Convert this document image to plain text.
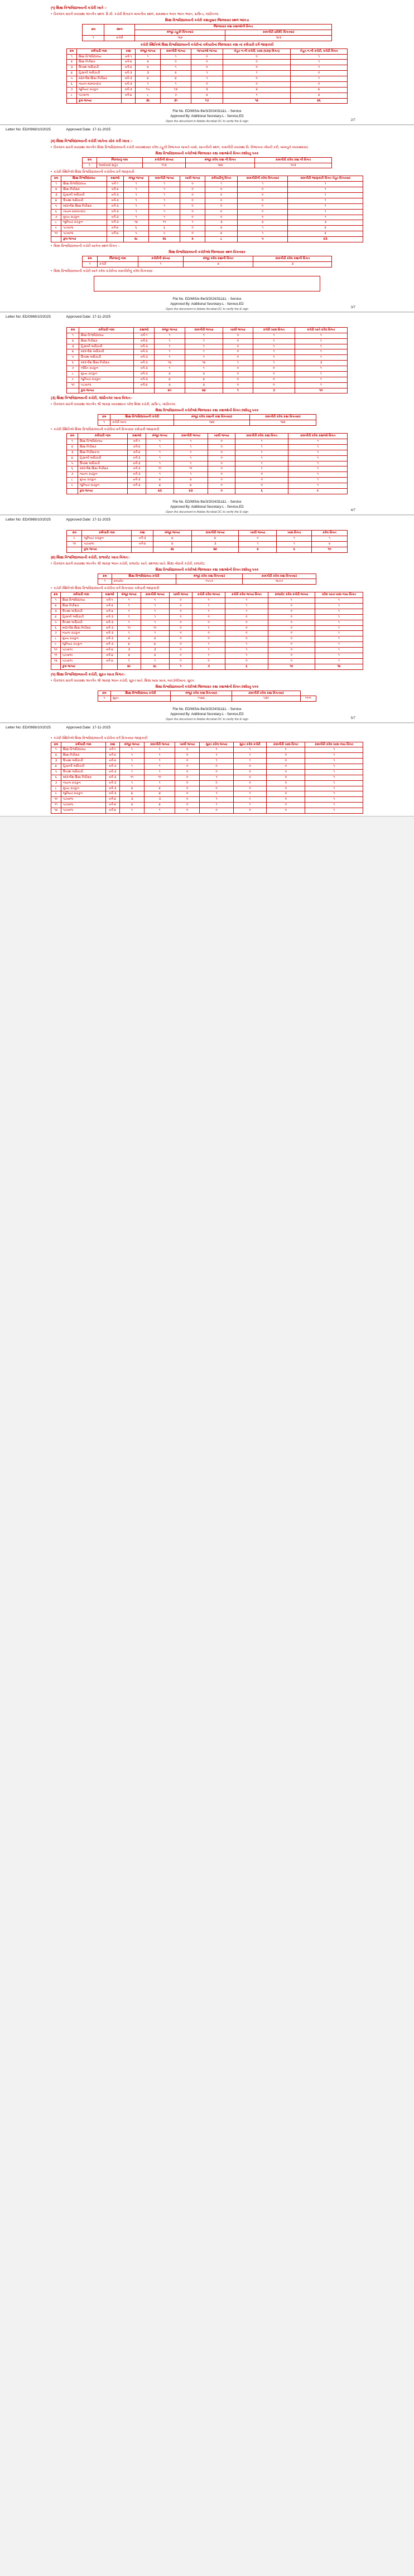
(૧) શિક્ષા વિશ્વવિદ્યાલયની કચેરી ખાતે :-
• વિકલાંગ સંવર્ગ વ્યવસ્થા અંતર્ગત સ્થળ: દિ.વી. કચેરી દિવ્યાંગ બાબતીય સ્થળ, સમસ્થાન ભક્ત ભવન ભવન, ગ્રાઉન્ડ, ગાંધીનગર.
શિક્ષા વિશ્વવિદ્યાલયની કચેરી કક્ષાનુસાર જિલ્લાવાર સ્થળ આંકડા
ક્રમ	સ્થળ	જિલ્લાવાર કક્ષા કક્ષાઓની વિગત	
		મંજૂર ટહુકી વિગતવાર	કામગીરી પ્રવિષ્ટિ વિગતવાર
૧	કચેરી	૧૬૨	૧૪૩
કચેરી સ્થિતિએ શિક્ષા વિશ્વવિદ્યાલયની કચેરીનાં કર્મચારીનાં જિલ્લાવાર કક્ષા નાં કર્મચારી વર્ગે જાણકારી
ક્રમ	કર્મચારી નામ	કક્ષા	મંજૂર જગ્યા	કામગીરી જગ્યા	જગ્યાઓ જગ્યા	ખેડૂત ન.ની કચેરી, ખાસ (ઘરણ વિગત)	ખેડૂત ન.ની કચેરી, કચેરી વિગત
૧	શિક્ષા વિશ્વવિદ્યાલય	વર્ગ-૧	૧	૧	૦	૦	૧
૨	શિક્ષા નિરીક્ષક	વર્ગ-૨	૨	૦	૦	૦	૧
૩	ઉપસ્થ અધિકારી	વર્ગ-૨	૨	૧	૦	૦	૧
૪	હિસાબી અધિકારી	વર્ગ-૩	૩	૨	૧	૧	૦
૫	મદદનીશ શિક્ષા નિરીક્ષક	વર્ગ-૩	૪	૪	૧	૦	૧
૬	નાયબ મામલતદાર	વર્ગ-૩	૧	૧	૦	૦	૦
૭	જુનિયર કારકુન	વર્ગ-૩	૧૫	૧૩	૩	૨	૪
૮	પટાવાળા	વર્ગ-૪	૮	૭	૨	૧	૨
	કુલ જગ્યા		૩૬	૩૧	૧૭	૧૨	૪૬
File No. ED/MIS/e-file/3/2024/311&1. - Service
Approved By: Additional Secretary-L - Service,ED
Open the document in Adobe Acrobat DC to verify the E-sign	2/7
Letter No: ED/0969/10/2025	Approved Date: 17-11-2025
(૨) શિક્ષા વિશ્વવિદ્યાલયની કચેરી ખાતેના ચોક કરી ખાતા :-
• વિકલાંગ સંવર્ગ વ્યવસ્થા અંતર્ગત શિક્ષા વિશ્વવિદ્યાલયની કચેરી વ્યવસ્થાવાર કરેલ ટહુકી વિભાગના બાબતે નામો, ખાનગીની સ્થળ, કામગીરી વ્યવસ્થા વિ. વિભાગના નોંધની કરી, બાબતુને વ્યવસ્થાવાર.
શિક્ષા વિશ્વવિદ્યાલયની કચેરીઓ જિલ્લાવાર કક્ષા કક્ષાઓની વિગત દર્શાવતુ પત્રક
ક્રમ	જિલ્લાનું નામ	કચેરીની સંખ્યા	મંજૂર કરેલ કક્ષા ની વિગત	કામગીરી કરેલ કક્ષા ની વિગત
૧	અમદાવાદ શહેર	૧૧૩	૧૨૨	૧૦૩
• કચેરી સ્થિતિએ શિક્ષા વિશ્વવિદ્યાલયની કચેરીનાં વર્ગ જાણકારી
ક્રમ	શિક્ષા વિશ્વવિદ્યાલય	કક્ષાઓ	મંજૂર જગ્યા	કામગીરી જગ્યા	ખાલી જગ્યા	કર્મચારીનું વિગત	કામગીરીની કરેલ વિગતવાર	કામગીરી જાણકારી વિગત ખેડૂત વિગતવાર
૧	શિક્ષા વિશ્વવિદ્યાલય	વર્ગ-૧	૧	૧	૦	૧	૧	૧
૨	શિક્ષા નિરીક્ષક	વર્ગ-૨	૧	૧	૦	૦	૦	૧
૩	હિસાબી અધિકારી	વર્ગ-૩	૧	૧	૦	૦	૦	૧
૪	ઉપસ્થ અધિકારી	વર્ગ-૩	૧	૧	૦	૦	૦	૧
૫	મદદનીશ શિક્ષા નિરીક્ષક	વર્ગ-૩	૧	૧	૦	૦	૦	૧
૬	નાયબ મામલતદાર	વર્ગ-૩	૧	૧	૦	૦	૦	૧
૭	મુખ્ય કારકુન	વર્ગ-૩	૧	૧	૦	૦	૦	૧
૮	જુનિયર કારકુન	વર્ગ-૩	૧૨	૧૧	૧	૩	૨	૩
૯	પટાવાળા	વર્ગ-૪	૬	૬	૦	૨	૧	૨
૧૦	પટાવાળા	વર્ગ-૪	૫	૫	૦	૨	૧	૨
	કુલ જગ્યા		૨૮	૨૬	૨	૮	૫	૪૩
• શિક્ષા વિશ્વવિદ્યાલયની કચેરી ખાતેના સ્થળ વિગત :-
શિક્ષા વિશ્વવિદ્યાલયની કચેરીઓ જિલ્લાવાર સ્થળ વિગતવાર
ક્રમ	જિલ્લાનું નામ	કચેરીની સંખ્યા	મંજૂર કરેલ કક્ષાની વિગત	કામગીરી કરેલ કક્ષાની વિગત
૧	કચેરી	૧	૨	૩
• શિક્ષા વિશ્વવિદ્યાલયની કચેરી ખાતે કરેલ કચેરીના કામગીરીનું કરેલ વિગતવાર
File No. ED/MIS/e-file/3/2024/311&1. - Service
Approved By: Additional Secretary-L - Service,ED
Open the document in Adobe Acrobat DC to verify the E-sign	3/7
Letter No: ED/0969/10/2025	Approved Date: 17-11-2025
ક્રમ	કર્મચારી નામ	કક્ષાઓ	મંજૂર જગ્યા	કામગીરી જગ્યા	ખાલી જગ્યા	કચેરી ખાસ વિગત	કચેરી ખાતે કરેલ વિગત
૧	શિક્ષા વિશ્વવિદ્યાલય	વર્ગ-૧	૧	૧	૦	૧	૧
૨	શિક્ષા નિરીક્ષક	વર્ગ-૨	૧	૧	૦	૧	૧
૩	હિસાબી અધિકારી	વર્ગ-૩	૧	૧	૦	૧	૧
૪	મદદનીશ અધિકારી	વર્ગ-૩	૧	૧	૦	૧	૧
૫	ઉપસ્થ અધિકારી	વર્ગ-૩	૧	૧	૦	૧	૧
૬	મદદનીશ શિક્ષા નિરીક્ષક	વર્ગ-૩	૧૨	૧૨	૧	૧	૩
૭	નોંધિત કારકુન	વર્ગ-૩	૧	૧	૦	૦	૧
૮	મુખ્ય કારકુન	વર્ગ-૩	૨	૨	૦	૦	૧
૯	જુનિયર કારકુન	વર્ગ-૩	૪	૪	૦	૦	૧
૧૦	પટાવાળા	વર્ગ-૪	૨	૨	૦	૦	૧
	કુલ જગ્યા		૨૫	૨૪	૧	૭	૧૦
(૩) શિક્ષા વિશ્વવિદ્યાલયની કચેરી, ગાંધીનગર ખાતા વિગત:-
• વિકલાંગ સંવર્ગ વ્યવસ્થા અંતર્ગત શ્રી શ્રાવણ વ્યવસ્થાના પરેલ શિક્ષા કચેરી, ગ્રાઉન્ડ, ગાંધીનગર.
શિક્ષા વિશ્વવિદ્યાલયની કચેરીઓ જિલ્લાવાર કક્ષા કક્ષાઓની વિગત દર્શાવતુ પત્રક
ક્રમ	શિક્ષા વિશ્વવિદ્યાલયની કચેરી	મંજૂર કરેલ કક્ષાની કક્ષા વિગતવાર	કામગીરી કરેલ કક્ષા વિગતવાર
૧	કચેરી ખાતા	૧૪૨	૧૨૨
• કચેરી સ્થિતિએ શિક્ષા વિશ્વવિદ્યાલયની કચેરીનાં વર્ગ વિગતવાર કર્મચારી જાણકારી
ક્રમ	કર્મચારી નામ	કક્ષાઓ	મંજૂર જગ્યા	કામગીરી જગ્યા	ખાલી જગ્યા	કામગીરી કરેલ કક્ષા વિગત	કામગીરી કરેલ કક્ષાઓ વિગત
૧	શિક્ષા વિશ્વવિદ્યાલય	વર્ગ-૧	૧	૧	૦	૧	૧
૨	શિક્ષા નિરીક્ષક	વર્ગ-૨	૧	૧	૦	૧	૧
૩	શિક્ષા નિરીક્ષકના	વર્ગ-૨	૧	૧	૦	૧	૧
૪	હિસાબી અધિકારી	વર્ગ-૩	૧	૧	૦	૧	૧
૫	ઉપસ્થ અધિકારી	વર્ગ-૩	૧	૧	૦	૧	૧
૬	મદદનીશ શિક્ષા નિરીક્ષક	વર્ગ-૩	૧૧	૧૧	૦	૧	૧
૭	નાયબ કારકુન	વર્ગ-૩	૧	૧	૦	૦	૧
૮	મુખ્ય કારકુન	વર્ગ-૩	૨	૨	૦	૦	૧
૯	જુનિયર કારકુન	વર્ગ-૩	૪	૪	૦	૦	૧
	કુલ જગ્યા		૨૩	૨૩	૦	૬	૯
File No. ED/MIS/e-file/3/2024/311&1. - Service
Approved By: Additional Secretary-L - Service,ED
Open the document in Adobe Acrobat DC to verify the E-sign	4/7
Letter No: ED/0969/10/2025	Approved Date: 17-11-2025
ક્રમ	કર્મચારી નામ	કક્ષા	મંજૂર જગ્યા	કામગીરી જગ્યા	ખાલી જગ્યા	ખાસ વિગત	કરેલ વિગત
૯	જુનિયર કારકુન	વર્ગ-૩	૪	૪	૦	૧	૧
૧૦	પટાવાળા	વર્ગ-૪	૪	૩	૧	૧	૨
	કુલ જગ્યા		૨૬	૨૪	૨	૬	૧૦
(૪) શિક્ષા વિશ્વવિદ્યાલયની કચેરી, રાજકોટ ખાતા વિગત:-
• વિકલાંગ સંવર્ગ વ્યવસ્થા અંતર્ગત શ્રી શ્રાવણ ભવન કચેરી, રાજકોટ ખાતે, સ્થળમાં ખાતે, શિક્ષા નોંધની કચેરી, રાજકોટ.
શિક્ષા વિશ્વવિદ્યાલયની કચેરીઓ જિલ્લાવાર કક્ષા કક્ષાઓની વિગત દર્શાવતુ પત્રક
ક્રમ	શિક્ષા વિશ્વવિદ્યાલય કચેરી	મંજૂર કરેલ કક્ષા વિગતવાર	કામગીરી કરેલ કક્ષા વિગતવાર
૧	રાજકોટ	૧૫૫૭	૧૨૭૭
• કચેરી સ્થિતિએ શિક્ષા વિશ્વવિદ્યાલયની કચેરીનાં વર્ગ વિગતવાર કર્મચારી જાણકારી
ક્રમ	કર્મચારી નામ	કક્ષાઓ	મંજૂર જગ્યા	કામગીરી જગ્યા	ખાલી જગ્યા	કચેરી કરેલ જગ્યા	કચેરી કરેલ જગ્યા વિગત	રાજકોટ કરેલ કચેરી જગ્યા	કરેલ ખાતા ખાસ નવ્ય વિગત
૧	શિક્ષા વિશ્વવિદ્યાલય	વર્ગ-૧	૧	૧	૦	૧	૧	૧	૧
૨	શિક્ષા નિરીક્ષક	વર્ગ-૨	૧	૧	૦	૧	૧	૦	૧
૩	ઉપસ્થ અધિકારી	વર્ગ-૨	૧	૧	૦	૧	૧	૦	૧
૪	હિસાબી અધિકારી	વર્ગ-૩	૧	૧	૦	૦	૦	૦	૧
૫	ઉપસ્થ અધિકારી	વર્ગ-૩	૧	૧	૦	૦	૦	૦	૧
૬	મદદનીશ શિક્ષા નિરીક્ષક	વર્ગ-૩	૧૧	૧૧	૦	૧	૦	૦	૧
૭	નાયબ કારકુન	વર્ગ-૩	૧	૧	૦	૦	૦	૦	૧
૮	મુખ્ય કારકુન	વર્ગ-૩	૨	૨	૦	૦	૦	૦	૧
૯	જુનિયર કારકુન	વર્ગ-૩	૪	૪	૦	૧	૧	૦	૧
૧૦	પટાવાળા	વર્ગ-૪	૩	૩	૦	૧	૧	૦	૧
૧૧	પટાવાળા	વર્ગ-૪	૨	૨	૦	૧	૧	૦	૧
૧૨	પટાવાળા	વર્ગ-૪	૧	૧	૦	૦	૦	૦	૧
	કુલ જગ્યા		૨૯	૨૮	૧	૭	૬	૧૦	૧૨
(૫) શિક્ષા વિશ્વવિદ્યાલયની કચેરી, સુરત ખાતા વિગત:-
• વિકલાંગ સંવર્ગ વ્યવસ્થા અંતર્ગત શ્રી શ્રાવણ ભવન કચેરી, સુરત ખાતે, શિક્ષા ખાસ ખાતા, બારડોલીખાતા, સુરત.
શિક્ષા વિશ્વવિદ્યાલયની કચેરીઓ જિલ્લાવાર કક્ષા કક્ષાઓની વિગત દર્શાવતુ પત્રક
ક્રમ	શિક્ષા વિશ્વવિદ્યાલય કચેરી	મંજૂર કરેલ કક્ષા વિગતવાર	કામગીરી કરેલ કક્ષા વિગતવાર	
૧	સુરત	૧૫૪૬	૧૩૦	૧૧૧૧
File No. ED/MIS/e-file/3/2024/311&1. - Service
Approved By: Additional Secretary-L - Service,ED
Open the document in Adobe Acrobat DC to verify the E-sign	5/7
Letter No: ED/0969/10/2025	Approved Date: 17-11-2025
• કચેરી સ્થિતિએ શિક્ષા વિશ્વવિદ્યાલયની કચેરીનાં વર્ગ વિગતવાર જાણકારી
ક્રમ	કર્મચારી નામ	કક્ષા	મંજૂર જગ્યા	કામગીરી જગ્યા	ખાલી જગ્યા	સુરત કરેલ જગ્યા	સુરત કરેલ કચેરી	કામગીરી ખાસ વિગત	કામગીરી કરેલ ખાસ નવ્ય વિગત
૧	શિક્ષા વિશ્વવિદ્યાલય	વર્ગ-૧	૧	૧	૦	૧	૧	૧	૧
૨	શિક્ષા નિરીક્ષક	વર્ગ-૨	૧	૧	૦	૧	૧	૦	૧
૩	ઉપસ્થ અધિકારી	વર્ગ-૨	૧	૧	૦	૧	૧	૦	૧
૪	હિસાબી અધિકારી	વર્ગ-૩	૧	૧	૦	૦	૦	૦	૧
૫	ઉપસ્થ અધિકારી	વર્ગ-૩	૧	૧	૦	૦	૦	૦	૧
૬	મદદનીશ શિક્ષા નિરીક્ષક	વર્ગ-૩	૧૧	૧૧	૦	૧	૦	૦	૧
૭	નાયબ કારકુન	વર્ગ-૩	૧	૧	૦	૦	૦	૦	૧
૮	મુખ્ય કારકુન	વર્ગ-૩	૨	૨	૦	૦	૦	૦	૧
૯	જુનિયર કારકુન	વર્ગ-૩	૪	૪	૦	૧	૧	૦	૧
૧૦	પટાવાળા	વર્ગ-૪	૩	૩	૦	૧	૧	૦	૧
૧૧	પટાવાળા	વર્ગ-૪	૨	૨	૦	૧	૧	૦	૧
૧૨	પટાવાળા	વર્ગ-૪	૧	૧	૦	૦	૦	૦	૧
